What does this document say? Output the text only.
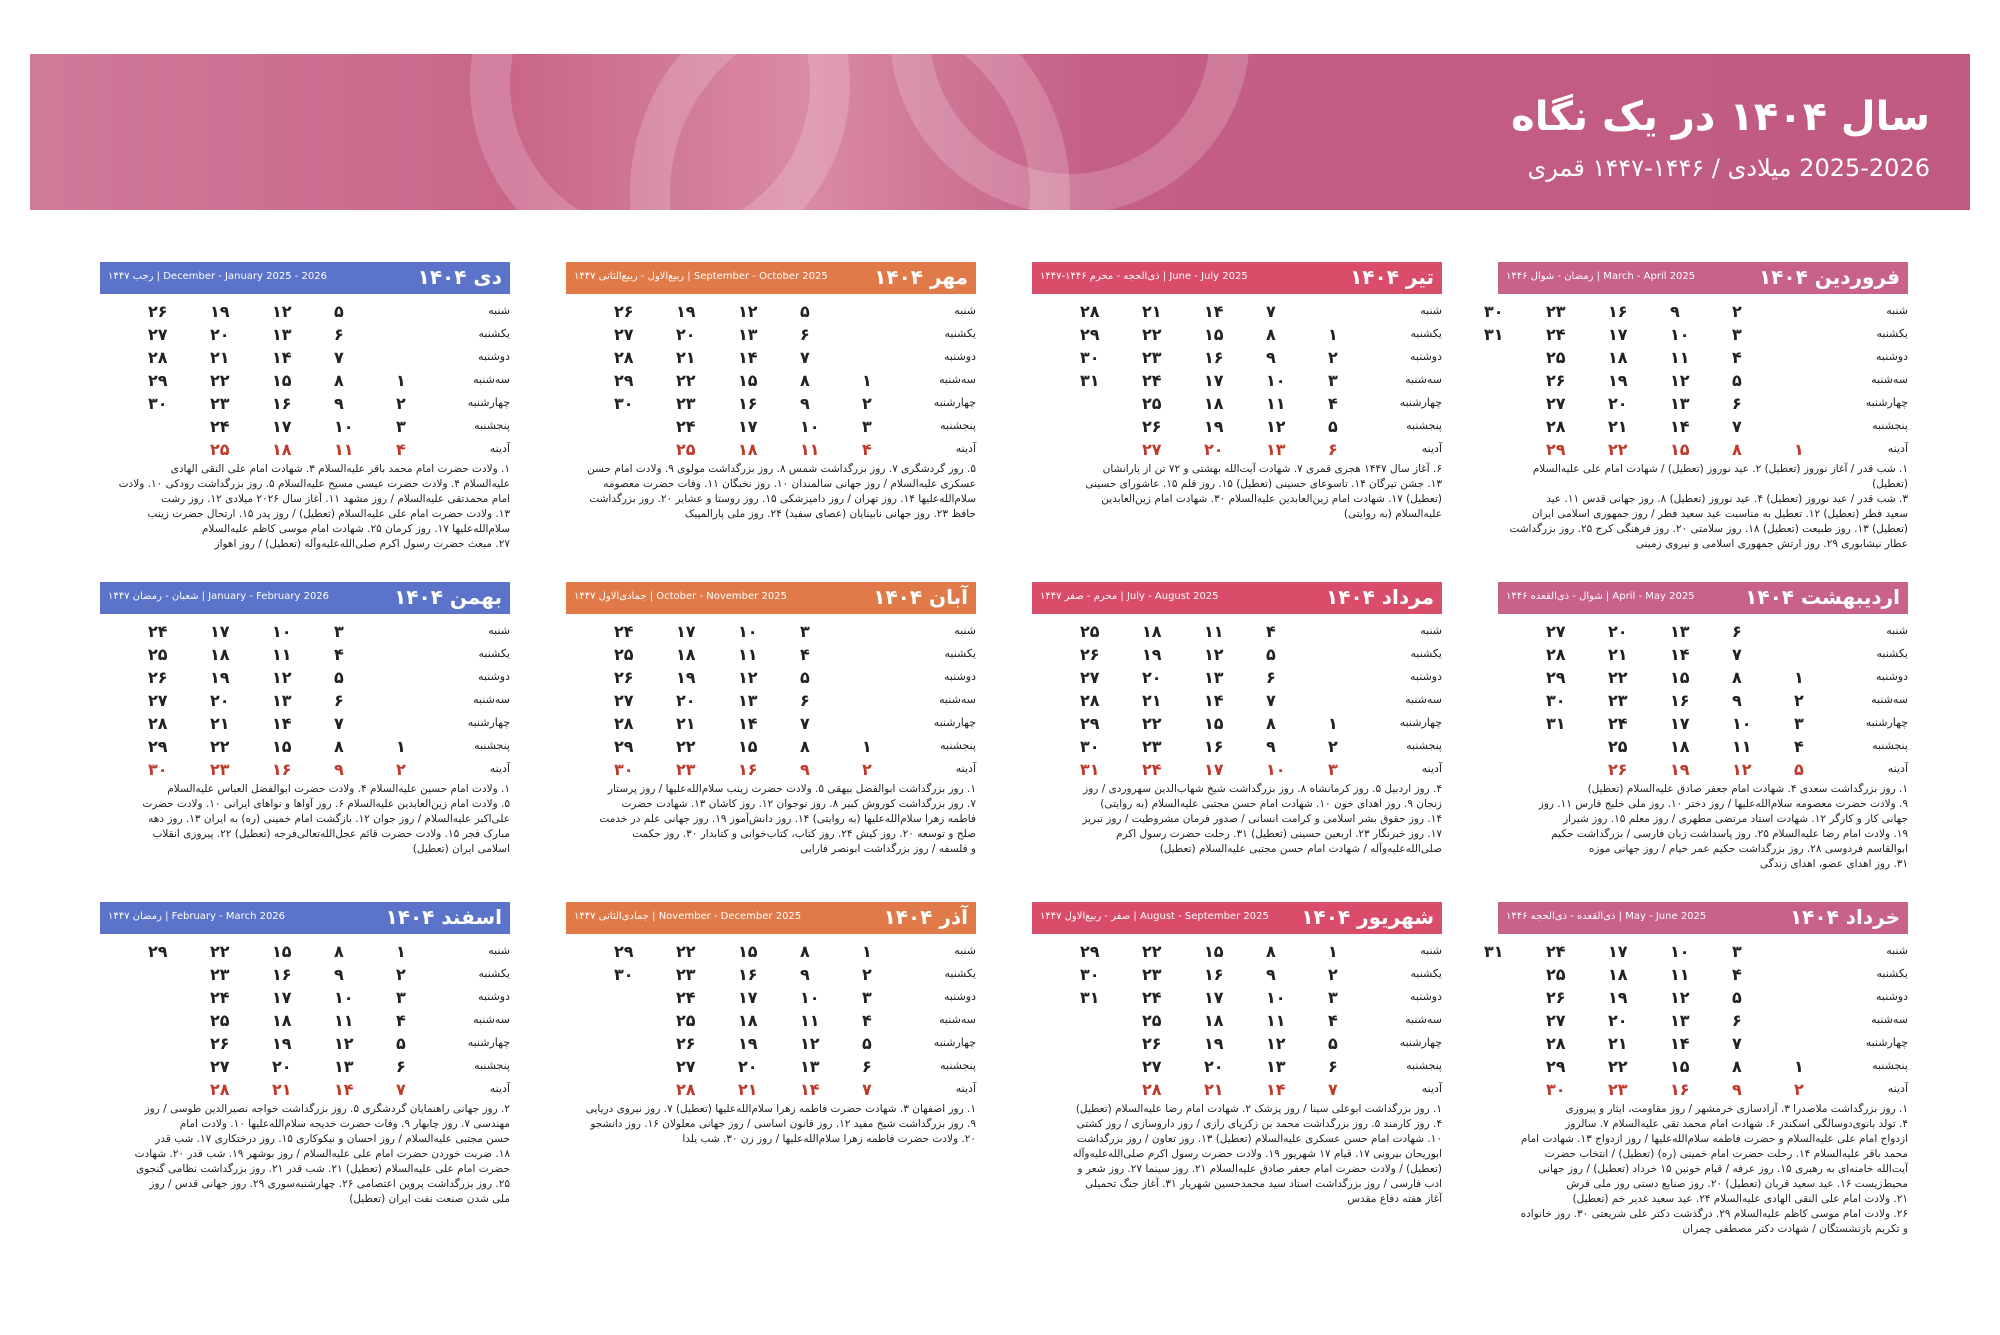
سال ۱۴۰۴ در یک نگاه
2025-2026 میلادی / ۱۴۴۶-۱۴۴۷ قمری
فروردین ۱۴۰۴
March - April 2025 | رمضان - شوال ۱۴۴۶
شنبه
یکشنبه
دوشنبه
سه‌شنبه
چهارشنبه
پنجشنبه
آدینه
۱
۲
۳
۴
۵
۶
۷
۸
۹
۱۰
۱۱
۱۲
۱۳
۱۴
۱۵
۱۶
۱۷
۱۸
۱۹
۲۰
۲۱
۲۲
۲۳
۲۴
۲۵
۲۶
۲۷
۲۸
۲۹
۳۰
۳۱
۱. شب قدر / آغاز نوروز (تعطیل) ۲. عید نوروز (تعطیل) / شهادت امام علی علیه‌السلام (تعطیل)
۳. شب قدر / عید نوروز (تعطیل) ۴. عید نوروز (تعطیل) ۸. روز جهانی قدس ۱۱. عید
سعید فطر (تعطیل) ۱۲. تعطیل به مناسبت عید سعید فطر / روز جمهوری اسلامی ایران
(تعطیل) ۱۳. روز طبیعت (تعطیل) ۱۸. روز سلامتی ۲۰. روز فرهنگی کرج ۲۵. روز بزرگداشت
عطار نیشابوری ۲۹. روز ارتش جمهوری اسلامی و نیروی زمینی
تیر ۱۴۰۴
June - July 2025 | ذی‌الحجه - محرم ۱۴۴۶-۱۴۴۷
شنبه
یکشنبه
دوشنبه
سه‌شنبه
چهارشنبه
پنجشنبه
آدینه
۱
۲
۳
۴
۵
۶
۷
۸
۹
۱۰
۱۱
۱۲
۱۳
۱۴
۱۵
۱۶
۱۷
۱۸
۱۹
۲۰
۲۱
۲۲
۲۳
۲۴
۲۵
۲۶
۲۷
۲۸
۲۹
۳۰
۳۱
۶. آغاز سال ۱۴۴۷ هجری قمری ۷. شهادت آیت‌الله بهشتی و ۷۲ تن از یارانشان
۱۳. جشن تیرگان ۱۴. تاسوعای حسینی (تعطیل) ۱۵. روز قلم ۱۵. عاشورای حسینی
(تعطیل) ۱۷. شهادت امام زین‌العابدین علیه‌السلام ۳۰. شهادت امام زین‌العابدین
علیه‌السلام (به روایتی)
مهر ۱۴۰۴
September - October 2025 | ربیع‌الاول - ربیع‌الثانی ۱۴۴۷
شنبه
یکشنبه
دوشنبه
سه‌شنبه
چهارشنبه
پنجشنبه
آدینه
۱
۲
۳
۴
۵
۶
۷
۸
۹
۱۰
۱۱
۱۲
۱۳
۱۴
۱۵
۱۶
۱۷
۱۸
۱۹
۲۰
۲۱
۲۲
۲۳
۲۴
۲۵
۲۶
۲۷
۲۸
۲۹
۳۰
۵. روز گردشگری ۷. روز بزرگداشت شمس ۸. روز بزرگداشت مولوی ۹. ولادت امام حسن
عسکری علیه‌السلام / روز جهانی سالمندان ۱۰. روز نخبگان ۱۱. وفات حضرت معصومه
سلام‌الله‌علیها ۱۴. روز تهران / روز دامپزشکی ۱۵. روز روستا و عشایر ۲۰. روز بزرگداشت
حافظ ۲۳. روز جهانی نابینایان (عصای سفید) ۲۴. روز ملی پارالمپیک
دی ۱۴۰۴
December - January 2025 - 2026 | رجب ۱۴۴۷
شنبه
یکشنبه
دوشنبه
سه‌شنبه
چهارشنبه
پنجشنبه
آدینه
۱
۲
۳
۴
۵
۶
۷
۸
۹
۱۰
۱۱
۱۲
۱۳
۱۴
۱۵
۱۶
۱۷
۱۸
۱۹
۲۰
۲۱
۲۲
۲۳
۲۴
۲۵
۲۶
۲۷
۲۸
۲۹
۳۰
۱. ولادت حضرت امام محمد باقر علیه‌السلام ۳. شهادت امام علی النقی الهادی
علیه‌السلام ۴. ولادت حضرت عیسی مسیح علیه‌السلام ۵. روز بزرگداشت رودکی ۱۰. ولادت
امام محمدتقی علیه‌السلام / روز مشهد ۱۱. آغاز سال ۲۰۲۶ میلادی ۱۲. روز رشت
۱۳. ولادت حضرت امام علی علیه‌السلام (تعطیل) / روز پدر ۱۵. ارتحال حضرت زینب
سلام‌الله‌علیها ۱۷. روز کرمان ۲۵. شهادت امام موسی کاظم علیه‌السلام
۲۷. مبعث حضرت رسول اکرم صلی‌الله‌علیه‌وآله (تعطیل) / روز اهواز
اردیبهشت ۱۴۰۴
April - May 2025 | شوال - ذی‌القعده ۱۴۴۶
شنبه
یکشنبه
دوشنبه
سه‌شنبه
چهارشنبه
پنجشنبه
آدینه
۱
۲
۳
۴
۵
۶
۷
۸
۹
۱۰
۱۱
۱۲
۱۳
۱۴
۱۵
۱۶
۱۷
۱۸
۱۹
۲۰
۲۱
۲۲
۲۳
۲۴
۲۵
۲۶
۲۷
۲۸
۲۹
۳۰
۳۱
۱. روز بزرگداشت سعدی ۴. شهادت امام جعفر صادق علیه‌السلام (تعطیل)
۹. ولادت حضرت معصومه سلام‌الله‌علیها / روز دختر ۱۰. روز ملی خلیج فارس ۱۱. روز
جهانی کار و کارگر ۱۲. شهادت استاد مرتضی مطهری / روز معلم ۱۵. روز شیراز
۱۹. ولادت امام رضا علیه‌السلام ۲۵. روز پاسداشت زبان فارسی / بزرگداشت حکیم
ابوالقاسم فردوسی ۲۸. روز بزرگداشت حکیم عمر خیام / روز جهانی موزه
۳۱. روز اهدای عضو، اهدای زندگی
مرداد ۱۴۰۴
July - August 2025 | محرم - صفر ۱۴۴۷
شنبه
یکشنبه
دوشنبه
سه‌شنبه
چهارشنبه
پنجشنبه
آدینه
۱
۲
۳
۴
۵
۶
۷
۸
۹
۱۰
۱۱
۱۲
۱۳
۱۴
۱۵
۱۶
۱۷
۱۸
۱۹
۲۰
۲۱
۲۲
۲۳
۲۴
۲۵
۲۶
۲۷
۲۸
۲۹
۳۰
۳۱
۴. روز اردبیل ۵. روز کرمانشاه ۸. روز بزرگداشت شیخ شهاب‌الدین سهروردی / روز
زنجان ۹. روز اهدای خون ۱۰. شهادت امام حسن مجتبی علیه‌السلام (به روایتی)
۱۴. روز حقوق بشر اسلامی و کرامت انسانی / صدور فرمان مشروطیت / روز تبریز
۱۷. روز خبرنگار ۲۳. اربعین حسینی (تعطیل) ۳۱. رحلت حضرت رسول اکرم
صلی‌الله‌علیه‌وآله / شهادت امام حسن مجتبی علیه‌السلام (تعطیل)
آبان ۱۴۰۴
October - November 2025 | جمادی‌الاول ۱۴۴۷
شنبه
یکشنبه
دوشنبه
سه‌شنبه
چهارشنبه
پنجشنبه
آدینه
۱
۲
۳
۴
۵
۶
۷
۸
۹
۱۰
۱۱
۱۲
۱۳
۱۴
۱۵
۱۶
۱۷
۱۸
۱۹
۲۰
۲۱
۲۲
۲۳
۲۴
۲۵
۲۶
۲۷
۲۸
۲۹
۳۰
۱. روز بزرگداشت ابوالفضل بیهقی ۵. ولادت حضرت زینب سلام‌الله‌علیها / روز پرستار
۷. روز بزرگداشت کوروش کبیر ۸. روز نوجوان ۱۲. روز کاشان ۱۳. شهادت حضرت
فاطمه زهرا سلام‌الله‌علیها (به روایتی) ۱۴. روز دانش‌آموز ۱۹. روز جهانی علم در خدمت
صلح و توسعه ۲۰. روز کیش ۲۴. روز کتاب، کتاب‌خوانی و کتابدار ۳۰. روز حکمت
و فلسفه / روز بزرگداشت ابونصر فارابی
بهمن ۱۴۰۴
January - February 2026 | شعبان - رمضان ۱۴۴۷
شنبه
یکشنبه
دوشنبه
سه‌شنبه
چهارشنبه
پنجشنبه
آدینه
۱
۲
۳
۴
۵
۶
۷
۸
۹
۱۰
۱۱
۱۲
۱۳
۱۴
۱۵
۱۶
۱۷
۱۸
۱۹
۲۰
۲۱
۲۲
۲۳
۲۴
۲۵
۲۶
۲۷
۲۸
۲۹
۳۰
۱. ولادت امام حسین علیه‌السلام ۴. ولادت حضرت ابوالفضل العباس علیه‌السلام
۵. ولادت امام زین‌العابدین علیه‌السلام ۶. روز آواها و نواهای ایرانی ۱۰. ولادت حضرت
علی‌اکبر علیه‌السلام / روز جوان ۱۲. بازگشت امام خمینی (ره) به ایران ۱۳. روز دهه
مبارک فجر ۱۵. ولادت حضرت قائم عجل‌الله‌تعالی‌فرجه (تعطیل) ۲۲. پیروزی انقلاب
اسلامی ایران (تعطیل)
خرداد ۱۴۰۴
May - June 2025 | ذی‌القعده - ذی‌الحجه ۱۴۴۶
شنبه
یکشنبه
دوشنبه
سه‌شنبه
چهارشنبه
پنجشنبه
آدینه
۱
۲
۳
۴
۵
۶
۷
۸
۹
۱۰
۱۱
۱۲
۱۳
۱۴
۱۵
۱۶
۱۷
۱۸
۱۹
۲۰
۲۱
۲۲
۲۳
۲۴
۲۵
۲۶
۲۷
۲۸
۲۹
۳۰
۳۱
۱. روز بزرگداشت ملاصدرا ۳. آزادسازی خرمشهر / روز مقاومت، ایثار و پیروزی
۴. تولد بانوی‌دوسالگی اسکندر ۶. شهادت امام محمد تقی علیه‌السلام ۷. سالروز
ازدواج امام علی علیه‌السلام و حضرت فاطمه سلام‌الله‌علیها / روز ازدواج ۱۳. شهادت امام
محمد باقر علیه‌السلام ۱۴. رحلت حضرت امام خمینی (ره) (تعطیل) / انتخاب حضرت
آیت‌الله خامنه‌ای به رهبری ۱۵. روز عرفه / قیام خونین ۱۵ خرداد (تعطیل) / روز جهانی
محیط‌زیست ۱۶. عید سعید قربان (تعطیل) ۲۰. روز صنایع دستی روز ملی فرش
۲۱. ولادت امام علی النقی الهادی علیه‌السلام ۲۴. عید سعید غدیر خم (تعطیل)
۲۶. ولادت امام موسی کاظم علیه‌السلام ۲۹. درگذشت دکتر علی شریعتی ۳۰. روز خانواده
و تکریم بازنشستگان / شهادت دکتر مصطفی چمران
شهریور ۱۴۰۴
August - September 2025 | صفر - ربیع‌الاول ۱۴۴۷
شنبه
یکشنبه
دوشنبه
سه‌شنبه
چهارشنبه
پنجشنبه
آدینه
۱
۲
۳
۴
۵
۶
۷
۸
۹
۱۰
۱۱
۱۲
۱۳
۱۴
۱۵
۱۶
۱۷
۱۸
۱۹
۲۰
۲۱
۲۲
۲۳
۲۴
۲۵
۲۶
۲۷
۲۸
۲۹
۳۰
۳۱
۱. روز بزرگداشت ابوعلی سینا / روز پزشک ۲. شهادت امام رضا علیه‌السلام (تعطیل)
۴. روز کارمند ۵. روز بزرگداشت محمد بن زکریای رازی / روز داروسازی / روز کشتی
۱۰. شهادت امام حسن عسکری علیه‌السلام (تعطیل) ۱۳. روز تعاون / روز بزرگداشت
ابوریحان بیرونی ۱۷. قیام ۱۷ شهریور ۱۹. ولادت حضرت رسول اکرم صلی‌الله‌علیه‌وآله
(تعطیل) / ولادت حضرت امام جعفر صادق علیه‌السلام ۲۱. روز سینما ۲۷. روز شعر و
ادب فارسی / روز بزرگداشت استاد سید محمدحسین شهریار ۳۱. آغاز جنگ تحمیلی
آغاز هفته دفاع مقدس
آذر ۱۴۰۴
November - December 2025 | جمادی‌الثانی ۱۴۴۷
شنبه
یکشنبه
دوشنبه
سه‌شنبه
چهارشنبه
پنجشنبه
آدینه
۱
۲
۳
۴
۵
۶
۷
۸
۹
۱۰
۱۱
۱۲
۱۳
۱۴
۱۵
۱۶
۱۷
۱۸
۱۹
۲۰
۲۱
۲۲
۲۳
۲۴
۲۵
۲۶
۲۷
۲۸
۲۹
۳۰
۱. روز اصفهان ۳. شهادت حضرت فاطمه زهرا سلام‌الله‌علیها (تعطیل) ۷. روز نیروی دریایی
۹. روز بزرگداشت شیخ مفید ۱۲. روز قانون اساسی / روز جهانی معلولان ۱۶. روز دانشجو
۲۰. ولادت حضرت فاطمه زهرا سلام‌الله‌علیها / روز زن ۳۰. شب یلدا
اسفند ۱۴۰۴
February - March 2026 | رمضان ۱۴۴۷
شنبه
یکشنبه
دوشنبه
سه‌شنبه
چهارشنبه
پنجشنبه
آدینه
۱
۲
۳
۴
۵
۶
۷
۸
۹
۱۰
۱۱
۱۲
۱۳
۱۴
۱۵
۱۶
۱۷
۱۸
۱۹
۲۰
۲۱
۲۲
۲۳
۲۴
۲۵
۲۶
۲۷
۲۸
۲۹
۲. روز جهانی راهنمایان گردشگری ۵. روز بزرگداشت خواجه نصیرالدین طوسی / روز
مهندسی ۷. روز چابهار ۹. وفات حضرت خدیجه سلام‌الله‌علیها ۱۰. ولادت امام
حسن مجتبی علیه‌السلام / روز احسان و نیکوکاری ۱۵. روز درختکاری ۱۷. شب قدر
۱۸. ضربت خوردن حضرت امام علی علیه‌السلام / روز بوشهر ۱۹. شب قدر ۲۰. شهادت
حضرت امام علی علیه‌السلام (تعطیل) ۲۱. شب قدر ۲۱. روز بزرگداشت نظامی گنجوی
۲۵. روز بزرگداشت پروین اعتصامی ۲۶. چهارشنبه‌سوری ۲۹. روز جهانی قدس / روز
ملی شدن صنعت نفت ایران (تعطیل)
